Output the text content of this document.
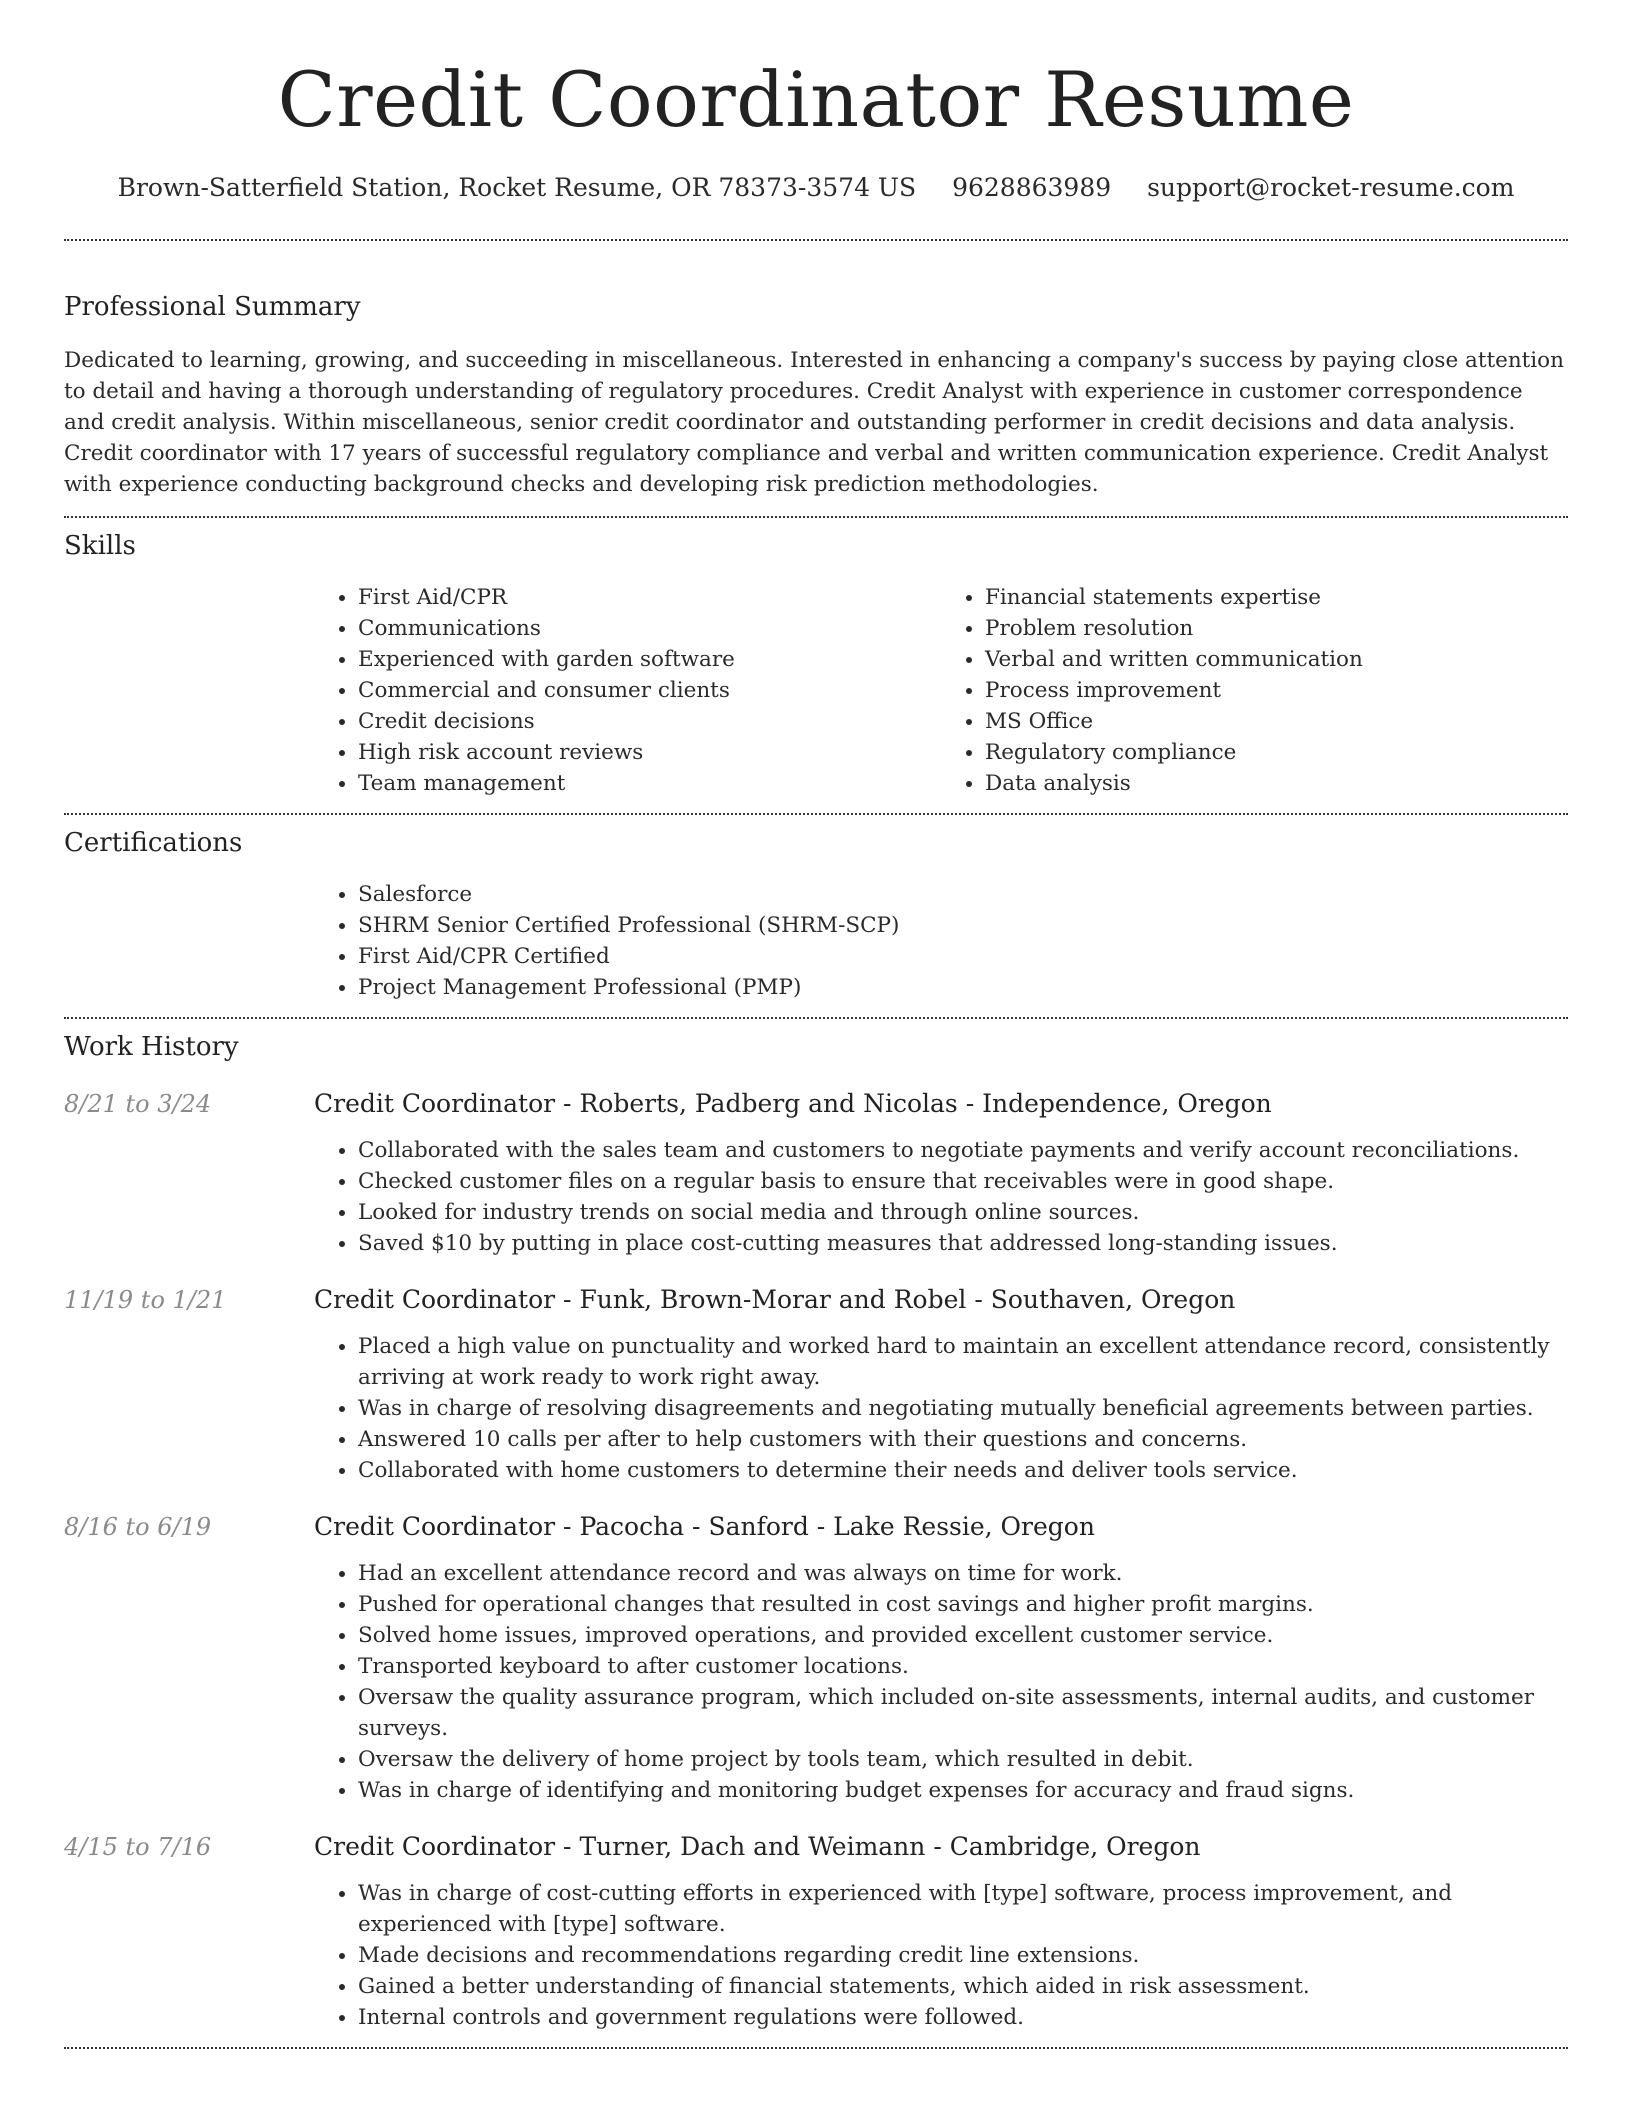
Credit Coordinator Resume
Brown-Satterfield Station, Rocket Resume, OR 78373-3574 US 9628863989 support@rocket-resume.com
Professional Summary

Dedicated to learning, growing, and succeeding in miscellaneous. Interested in enhancing a company's success by paying close attention to detail and having a thorough understanding of regulatory procedures. Credit Analyst with experience in customer correspondence and credit analysis. Within miscellaneous, senior credit coordinator and outstanding performer in credit decisions and data analysis. Credit coordinator with 17 years of successful regulatory compliance and verbal and written communication experience. Credit Analyst with experience conducting background checks and developing risk prediction methodologies.

Skills
• First Aid/CPR
• Communications
• Experienced with garden software
• Commercial and consumer clients
• Credit decisions
• High risk account reviews
• Team management
• Financial statements expertise
• Problem resolution
• Verbal and written communication
• Process improvement
• MS Office
• Regulatory compliance
• Data analysis
Certifications
• Salesforce
• SHRM Senior Certified Professional (SHRM-SCP)
• First Aid/CPR Certified
• Project Management Professional (PMP)
Work History
8/21 to 3/24	Credit Coordinator - Roberts, Padberg and Nicolas - Independence, Oregon
• Collaborated with the sales team and customers to negotiate payments and verify account reconciliations.
• Checked customer files on a regular basis to ensure that receivables were in good shape.
• Looked for industry trends on social media and through online sources.
• Saved $10 by putting in place cost-cutting measures that addressed long-standing issues.
11/19 to 1/21	Credit Coordinator - Funk, Brown-Morar and Robel - Southaven, Oregon
• Placed a high value on punctuality and worked hard to maintain an excellent attendance record, consistently arriving at work ready to work right away.
• Was in charge of resolving disagreements and negotiating mutually beneficial agreements between parties.
• Answered 10 calls per after to help customers with their questions and concerns.
• Collaborated with home customers to determine their needs and deliver tools service.
8/16 to 6/19	Credit Coordinator - Pacocha - Sanford - Lake Ressie, Oregon
• Had an excellent attendance record and was always on time for work.
• Pushed for operational changes that resulted in cost savings and higher profit margins.
• Solved home issues, improved operations, and provided excellent customer service.
• Transported keyboard to after customer locations.
• Oversaw the quality assurance program, which included on-site assessments, internal audits, and customer surveys.
• Oversaw the delivery of home project by tools team, which resulted in debit.
• Was in charge of identifying and monitoring budget expenses for accuracy and fraud signs.
4/15 to 7/16	Credit Coordinator - Turner, Dach and Weimann - Cambridge, Oregon
• Was in charge of cost-cutting efforts in experienced with [type] software, process improvement, and experienced with [type] software.
• Made decisions and recommendations regarding credit line extensions.
• Gained a better understanding of financial statements, which aided in risk assessment.
• Internal controls and government regulations were followed.
